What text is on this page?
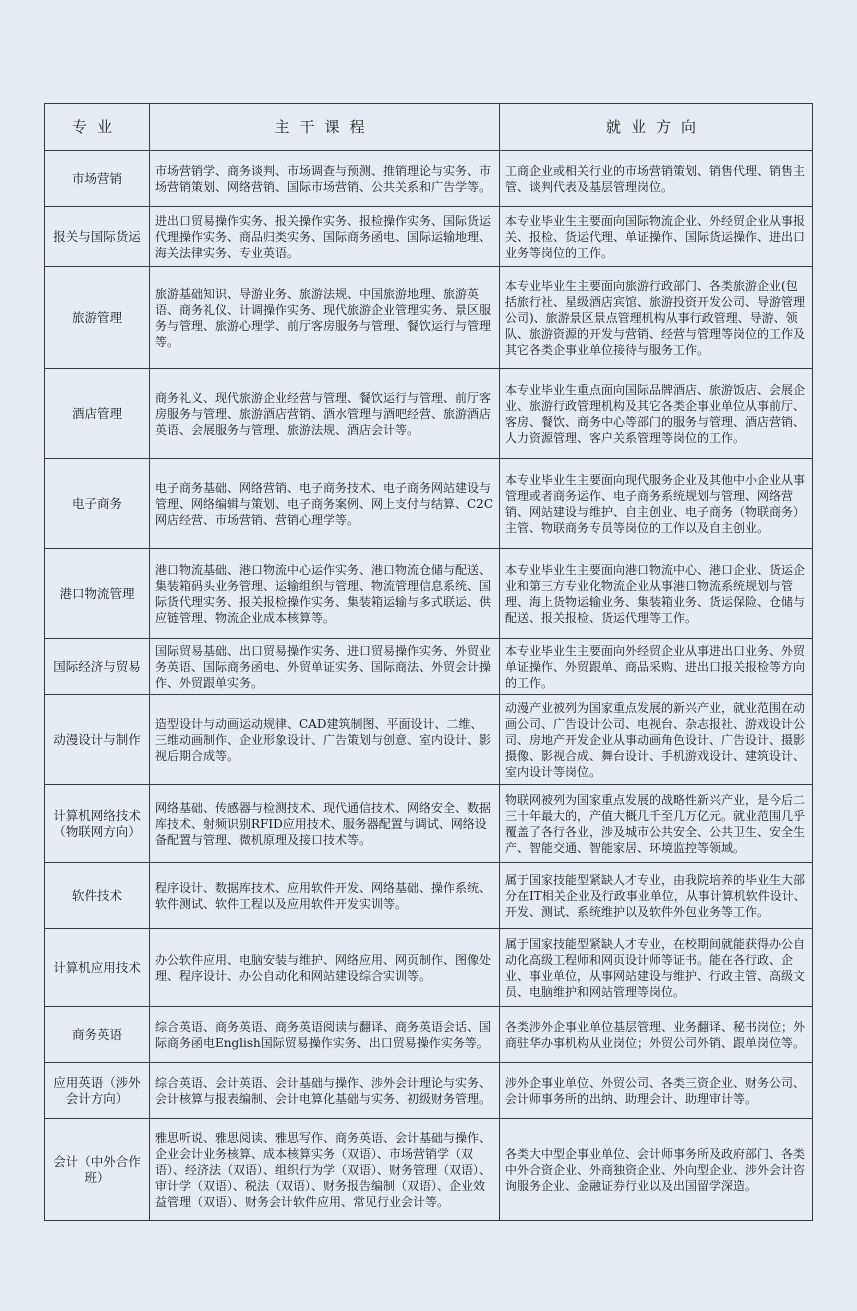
专业	主干课程	就业方向
市场营销	市场营销学、商务谈判、市场调查与预测、推销理论与实务、市场营销策划、网络营销、国际市场营销、公共关系和广告学等。	工商企业或相关行业的市场营销策划、销售代理、销售主管、谈判代表及基层管理岗位。
报关与国际货运	进出口贸易操作实务、报关操作实务、报检操作实务、国际货运代理操作实务、商品归类实务、国际商务函电、国际运输地理、海关法律实务、专业英语。	本专业毕业生主要面向国际物流企业、外经贸企业从事报关、报检、货运代理、单证操作、国际货运操作、进出口业务等岗位的工作。
旅游管理	旅游基础知识、导游业务、旅游法规、中国旅游地理、旅游英语、商务礼仪、计调操作实务、现代旅游企业管理实务、景区服务与管理、旅游心理学、前厅客房服务与管理、餐饮运行与管理等。	本专业毕业生主要面向旅游行政部门、各类旅游企业(包括旅行社、星级酒店宾馆、旅游投资开发公司、导游管理公司)、旅游景区景点管理机构从事行政管理、导游、领队、旅游资源的开发与营销、经营与管理等岗位的工作及其它各类企事业单位接待与服务工作。
酒店管理	商务礼义、现代旅游企业经营与管理、餐饮运行与管理、前厅客房服务与管理、旅游酒店营销、酒水管理与酒吧经营、旅游酒店英语、会展服务与管理、旅游法规、酒店会计等。	本专业毕业生重点面向国际品牌酒店、旅游饭店、会展企业、旅游行政管理机构及其它各类企事业单位从事前厅、客房、餐饮、商务中心等部门的服务与管理、酒店营销、人力资源管理、客户关系管理等岗位的工作。
电子商务	电子商务基础、网络营销、电子商务技术、电子商务网站建设与管理、网络编辑与策划、电子商务案例、网上支付与结算、C2C网店经营、市场营销、营销心理学等。	本专业毕业生主要面向现代服务企业及其他中小企业从事管理或者商务运作、电子商务系统规划与管理、网络营销、网站建设与维护、自主创业、电子商务（物联商务）主管、物联商务专员等岗位的工作以及自主创业。
港口物流管理	港口物流基础、港口物流中心运作实务、港口物流仓储与配送、集装箱码头业务管理、运输组织与管理、物流管理信息系统、国际货代理实务、报关报检操作实务、集装箱运输与多式联运、供应链管理、物流企业成本核算等。	本专业毕业生主要面向港口物流中心、港口企业、货运企业和第三方专业化物流企业从事港口物流系统规划与管理、海上货物运输业务、集装箱业务、货运保险、仓储与配送、报关报检、货运代理等工作。
国际经济与贸易	国际贸易基础、出口贸易操作实务、进口贸易操作实务、外贸业务英语、国际商务函电、外贸单证实务、国际商法、外贸会计操作、外贸跟单实务。	本专业毕业生主要面向外经贸企业从事进出口业务、外贸单证操作、外贸跟单、商品采购、进出口报关报检等方向的工作。
动漫设计与制作	造型设计与动画运动规律、CAD建筑制图、平面设计、二维、三维动画制作、企业形象设计、广告策划与创意、室内设计、影视后期合成等。	动漫产业被列为国家重点发展的新兴产业，就业范围在动画公司、广告设计公司、电视台、杂志报社、游戏设计公司、房地产开发企业从事动画角色设计、广告设计、摄影摄像、影视合成、舞台设计、手机游戏设计、建筑设计、室内设计等岗位。
计算机网络技术（物联网方向）	网络基础、传感器与检测技术、现代通信技术、网络安全、数据库技术、射频识别RFID应用技术、服务器配置与调试、网络设备配置与管理、微机原理及接口技术等。	物联网被列为国家重点发展的战略性新兴产业，是今后二三十年最大的，产值大概几千至几万亿元。就业范围几乎覆盖了各行各业，涉及城市公共安全、公共卫生、安全生产、智能交通、智能家居、环境监控等领域。
软件技术	程序设计、数据库技术、应用软件开发、网络基础、操作系统、软件测试、软件工程以及应用软件开发实训等。	属于国家技能型紧缺人才专业，由我院培养的毕业生大部分在IT相关企业及行政事业单位，从事计算机软件设计、开发、测试、系统维护以及软件外包业务等工作。
计算机应用技术	办公软件应用、电脑安装与维护、网络应用、网页制作、图像处理、程序设计、办公自动化和网站建设综合实训等。	属于国家技能型紧缺人才专业，在校期间就能获得办公自动化高级工程师和网页设计师等证书。能在各行政、企业、事业单位，从事网站建设与维护、行政主管、高级文员、电脑维护和网站管理等岗位。
商务英语	综合英语、商务英语、商务英语阅读与翻译、商务英语会话、国际商务函电English国际贸易操作实务、出口贸易操作实务等。	各类涉外企事业单位基层管理、业务翻译、秘书岗位；外商驻华办事机构从业岗位；外贸公司外销、跟单岗位等。
应用英语（涉外会计方向）	综合英语、会计英语、会计基础与操作、涉外会计理论与实务、会计核算与报表编制、会计电算化基础与实务、初级财务管理。	涉外企事业单位、外贸公司、各类三资企业、财务公司、会计师事务所的出纳、助理会计、助理审计等。
会计（中外合作班）	雅思听说、雅思阅读、雅思写作、商务英语、会计基础与操作、企业会计业务核算、成本核算实务（双语）、市场营销学（双语）、经济法（双语）、组织行为学（双语）、财务管理（双语）、审计学（双语）、税法（双语）、财务报告编制（双语）、企业效益管理（双语）、财务会计软件应用、常见行业会计等。	各类大中型企事业单位、会计师事务所及政府部门、各类中外合资企业、外商独资企业、外向型企业、涉外会计咨询服务企业、金融证券行业以及出国留学深造。
